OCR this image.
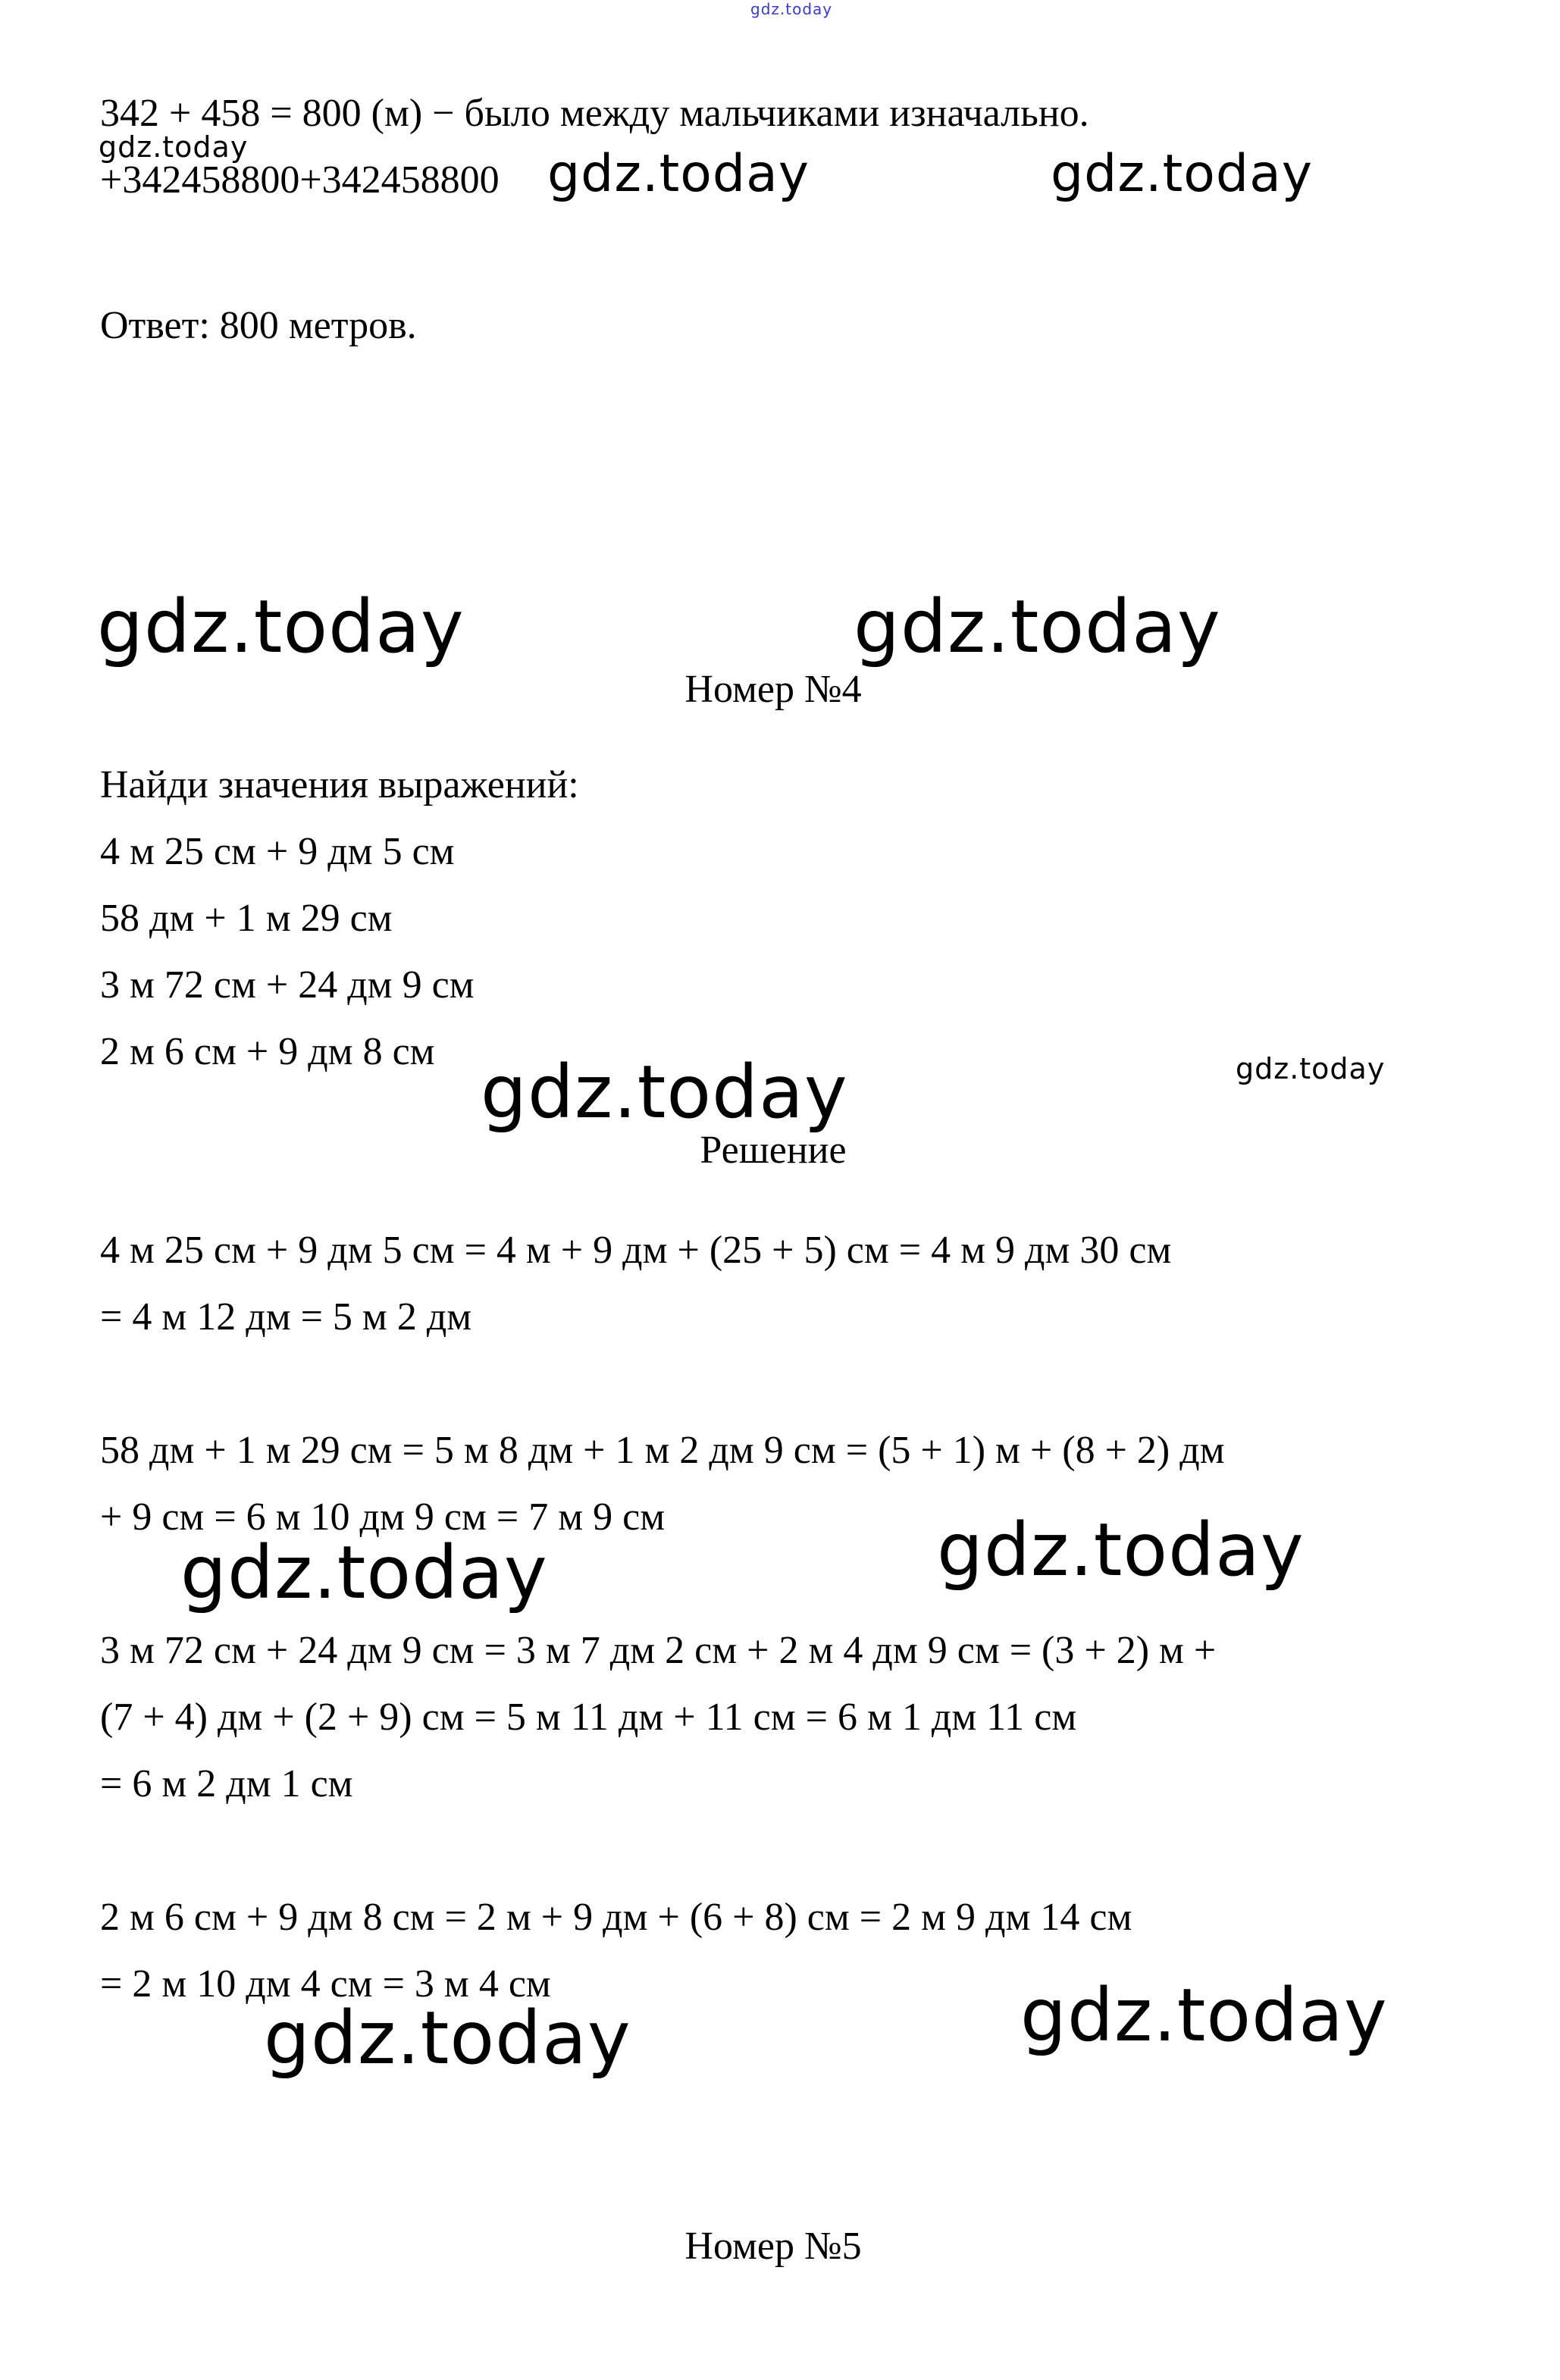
gdz.today
342 + 458 = 800 (м) − было между мальчиками изначально.
gdz.today
+342458800+342458800 gdz.today	gdz.today
Ответ: 800 метров.
gdz.today	gdz.today
Номер №4
Найди значения выражений:
4 м 25 см + 9 дм 5 см
58 дм + 1 м 29 см
3 м 72 см + 24 дм 9 см
2 м 6 см + 9 дм 8 см gdz.today	gdz.today
Решение
4 м 25 см + 9 дм 5 см = 4 м + 9 дм + (25 + 5) см = 4 м 9 дм 30 см
= 4 м 12 дм = 5 м 2 дм
58 дм + 1 м 29 см = 5 м 8 дм + 1 м 2 дм 9 см = (5 + 1) м + (8 + 2) дм
+ 9 см = 6 м 10 дм 9 см = 7 м 9 см
gdz.today	gdz.today
3 м 72 см + 24 дм 9 см = 3 м 7 дм 2 см + 2 м 4 дм 9 см = (3 + 2) м +
(7 + 4) дм + (2 + 9) см = 5 м 11 дм + 11 см = 6 м 1 дм 11 см
= 6 м 2 дм 1 см
2 м 6 см + 9 дм 8 см = 2 м + 9 дм + (6 + 8) см = 2 м 9 дм 14 см
= 2 м 10 дм 4 см = 3 м 4 см
gdz.today	gdz.today
Номер №5
